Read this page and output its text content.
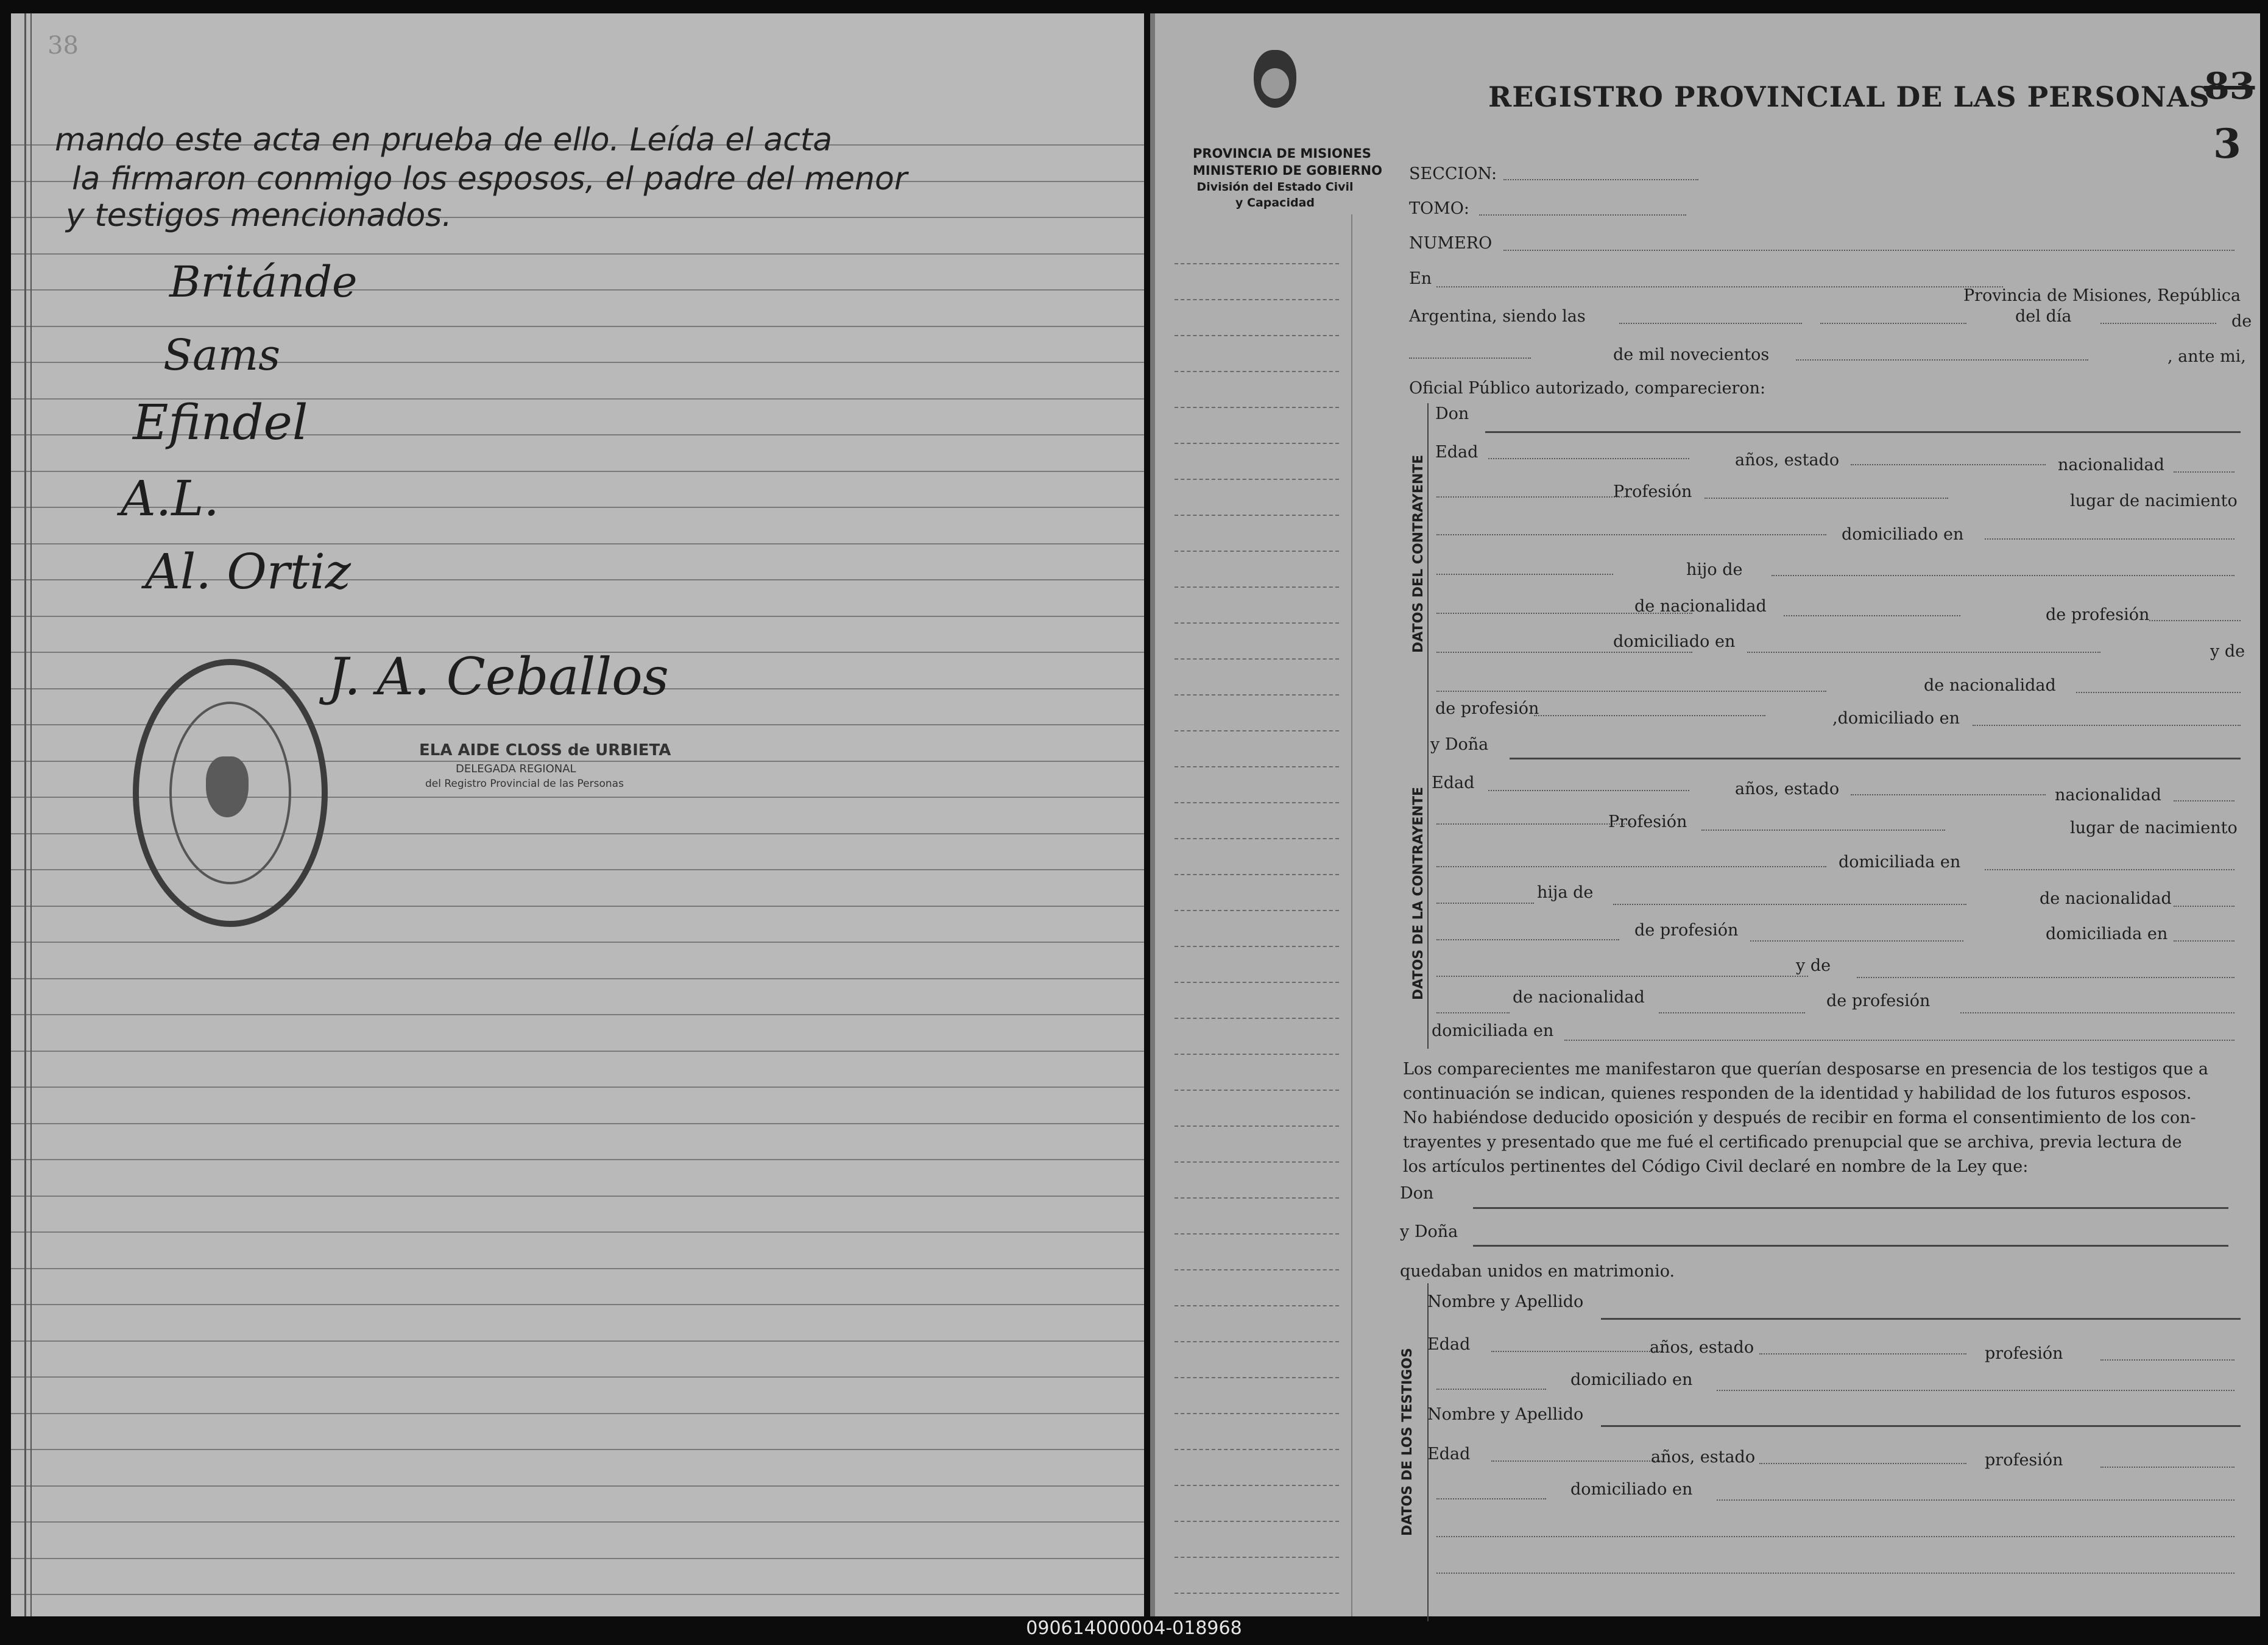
38
mando este acta en prueba de ello. Leída el acta
la firmaron conmigo los esposos, el padre del menor
y testigos mencionados.
Británde
Sams
Efindel
A.L.
Al. Ortiz
J. A. Ceballos
ELA AIDE CLOSS de URBIETA
DELEGADA REGIONAL
del Registro Provincial de las Personas
PROVINCIA DE MISIONES
MINISTERIO DE GOBIERNO
División del Estado Civil
y Capacidad
REGISTRO PROVINCIAL DE LAS PERSONAS
83
3
SECCION:
TOMO:
NUMERO
En
Provincia de Misiones, República
Argentina, siendo las	del día	de
de mil novecientos	, ante mi,
Oficial Público autorizado, comparecieron:
DATOS DEL CONTRAYENTE
Don
Edad	años, estado	nacionalidad
Profesión	lugar de nacimiento
domiciliado en
hijo de
de nacionalidad	de profesión
domiciliado en
y de
de nacionalidad
de profesión
,domiciliado en
DATOS DE LA CONTRAYENTE
y Doña
Edad	años, estado	nacionalidad
Profesión	lugar de nacimiento
domiciliada en
hija de	de nacionalidad
de profesión	domiciliada en
y de
de nacionalidad	de profesión
domiciliada en
Los comparecientes me manifestaron que querían desposarse en presencia de los testigos que a
continuación se indican, quienes responden de la identidad y habilidad de los futuros esposos.
No habiéndose deducido oposición y después de recibir en forma el consentimiento de los con-
trayentes y presentado que me fué el certificado prenupcial que se archiva, previa lectura de
los artículos pertinentes del Código Civil declaré en nombre de la Ley que:
Don
y Doña
quedaban unidos en matrimonio.
DATOS DE LOS TESTIGOS
Nombre y Apellido
Edad	años, estado	profesión
domiciliado en
Nombre y Apellido
Edad	años, estado	profesión
domiciliado en
090614000004-018968
